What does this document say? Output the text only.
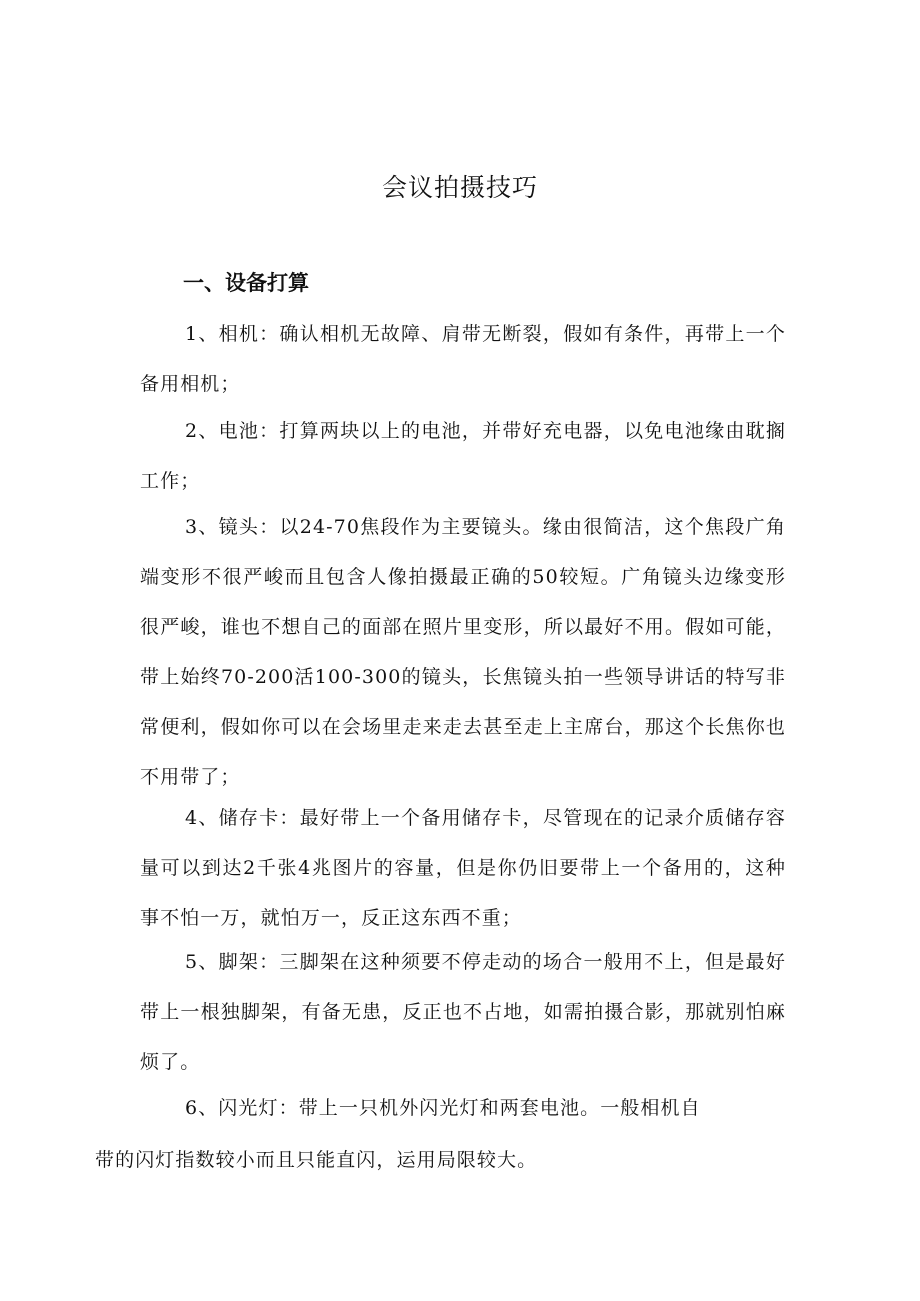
会议拍摄技巧
一、设备打算

1、相机：确认相机无故障、肩带无断裂，假如有条件，再带上一个备用相机；

2、电池：打算两块以上的电池，并带好充电器，以免电池缘由耽搁工作；

3、镜头：以24-70焦段作为主要镜头。缘由很简洁，这个焦段广角端变形不很严峻而且包含人像拍摄最正确的50较短。广角镜头边缘变形很严峻，谁也不想自己的面部在照片里变形，所以最好不用。假如可能，带上始终70-200活100-300的镜头，长焦镜头拍一些领导讲话的特写非常便利，假如你可以在会场里走来走去甚至走上主席台，那这个长焦你也不用带了；

4、储存卡：最好带上一个备用储存卡，尽管现在的记录介质储存容量可以到达2千张4兆图片的容量，但是你仍旧要带上一个备用的，这种事不怕一万，就怕万一，反正这东西不重；

5、脚架：三脚架在这种须要不停走动的场合一般用不上，但是最好带上一根独脚架，有备无患，反正也不占地，如需拍摄合影，那就别怕麻烦了。

6、闪光灯：带上一只机外闪光灯和两套电池。一般相机自
带的闪灯指数较小而且只能直闪，运用局限较大。
